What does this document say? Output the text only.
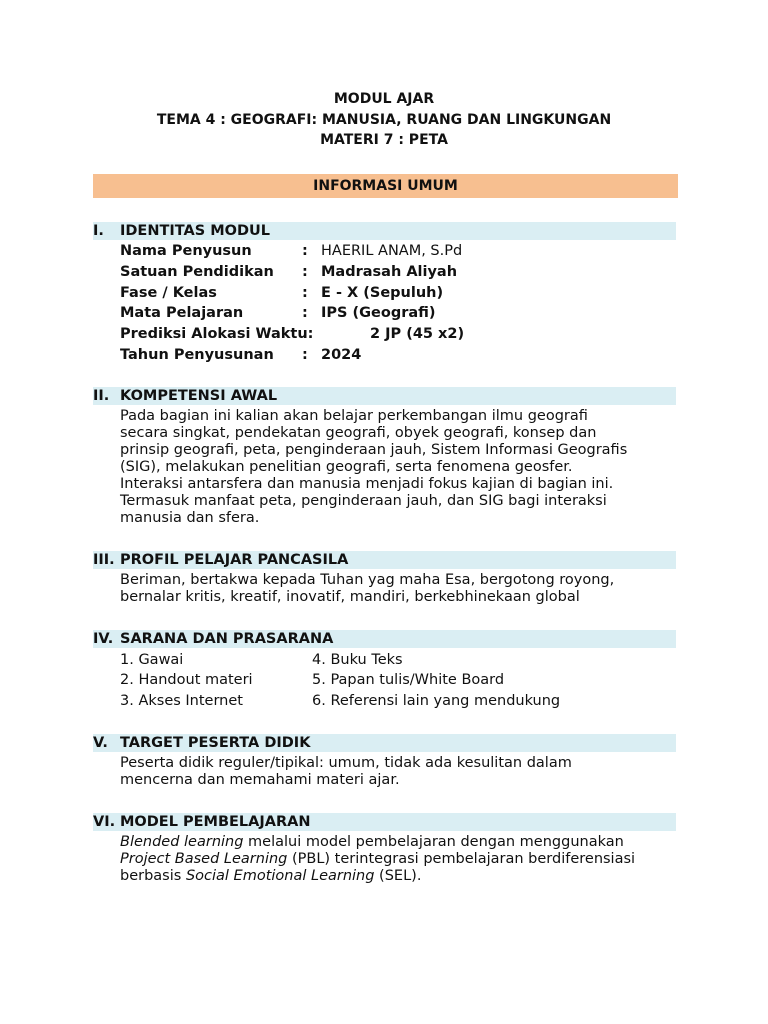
MODUL AJAR
TEMA 4 : GEOGRAFI: MANUSIA, RUANG DAN LINGKUNGAN
MATERI 7 : PETA
INFORMASI UMUM
I. IDENTITAS MODUL
Nama Penyusun	: HAERIL ANAM, S.Pd
Satuan Pendidikan : Madrasah Aliyah
Fase / Kelas	: E - X (Sepuluh)
Mata Pelajaran	: IPS (Geografi)
Prediksi Alokasi Waktu:	2 JP (45 x2)
Tahun Penyusunan : 2024
II. KOMPETENSI AWAL
Pada bagian ini kalian akan belajar perkembangan ilmu geografi
secara singkat, pendekatan geografi, obyek geografi, konsep dan
prinsip geografi, peta, penginderaan jauh, Sistem Informasi Geografis
(SIG), melakukan penelitian geografi, serta fenomena geosfer.
Interaksi antarsfera dan manusia menjadi fokus kajian di bagian ini.
Termasuk manfaat peta, penginderaan jauh, dan SIG bagi interaksi
manusia dan sfera.
III. PROFIL PELAJAR PANCASILA
Beriman, bertakwa kepada Tuhan yag maha Esa, bergotong royong,
bernalar kritis, kreatif, inovatif, mandiri, berkebhinekaan global
IV. SARANA DAN PRASARANA
1. Gawai	4. Buku Teks
2. Handout materi	5. Papan tulis/White Board
3. Akses Internet	6. Referensi lain yang mendukung
V. TARGET PESERTA DIDIK
Peserta didik reguler/tipikal: umum, tidak ada kesulitan dalam
mencerna dan memahami materi ajar.
VI. MODEL PEMBELAJARAN
Blended learning melalui model pembelajaran dengan menggunakan
Project Based Learning (PBL) terintegrasi pembelajaran berdiferensiasi
berbasis Social Emotional Learning (SEL).
